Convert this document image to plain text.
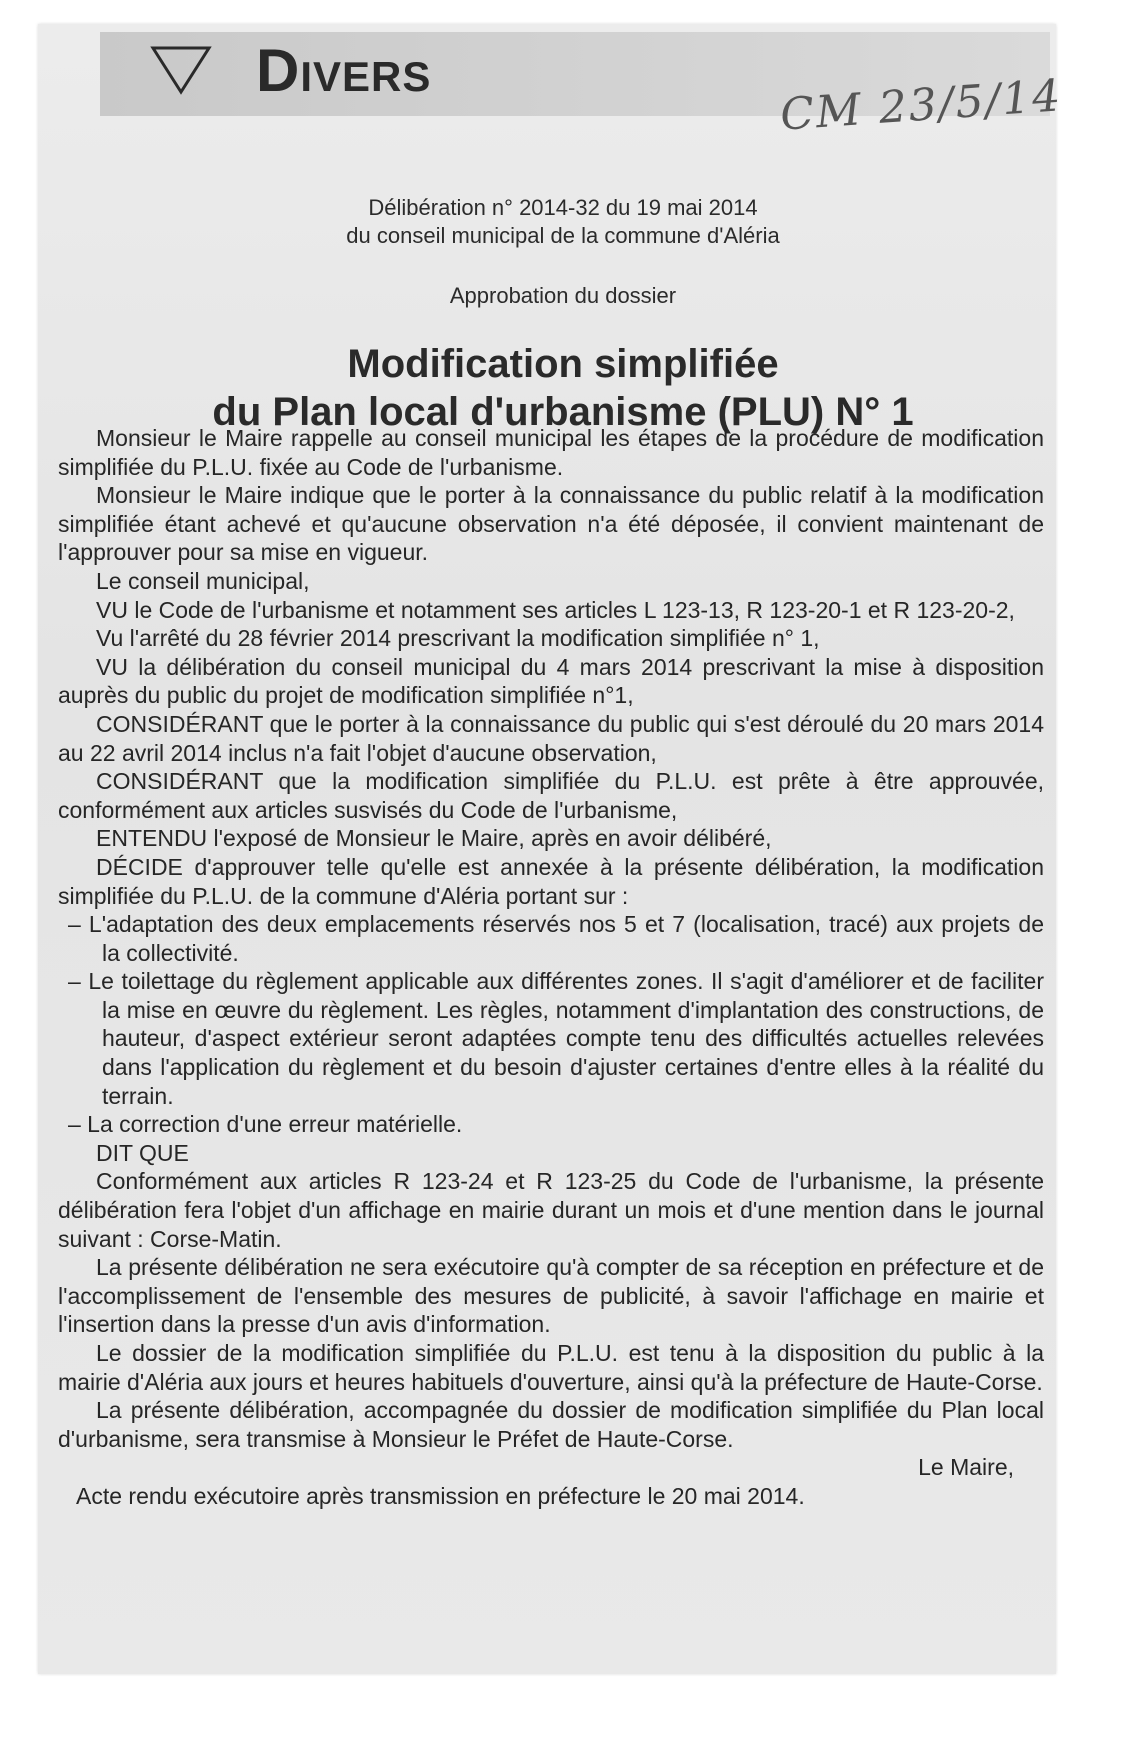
Divers	CM 23/5/14
Délibération n° 2014-32 du 19 mai 2014
du conseil municipal de la commune d'Aléria
Approbation du dossier
Modification simplifiée
du Plan local d'urbanisme (PLU) N° 1

Monsieur le Maire rappelle au conseil municipal les étapes de la procédure de modification simplifiée du P.L.U. fixée au Code de l'urbanisme.

Monsieur le Maire indique que le porter à la connaissance du public relatif à la modification simplifiée étant achevé et qu'aucune observation n'a été déposée, il convient maintenant de l'approuver pour sa mise en vigueur.

Le conseil municipal,

VU le Code de l'urbanisme et notamment ses articles L 123-13, R 123-20-1 et R 123-20-2,

Vu l'arrêté du 28 février 2014 prescrivant la modification simplifiée n° 1,

VU la délibération du conseil municipal du 4 mars 2014 prescrivant la mise à disposition auprès du public du projet de modification simplifiée n°1,

CONSIDÉRANT que le porter à la connaissance du public qui s'est déroulé du 20 mars 2014 au 22 avril 2014 inclus n'a fait l'objet d'aucune observation,

CONSIDÉRANT que la modification simplifiée du P.L.U. est prête à être approuvée, conformément aux articles susvisés du Code de l'urbanisme,

ENTENDU l'exposé de Monsieur le Maire, après en avoir délibéré,

DÉCIDE d'approuver telle qu'elle est annexée à la présente délibération, la modification simplifiée du P.L.U. de la commune d'Aléria portant sur :

– L'adaptation des deux emplacements réservés nos 5 et 7 (localisation, tracé) aux projets de la collectivité.

– Le toilettage du règlement applicable aux différentes zones. Il s'agit d'améliorer et de faciliter la mise en œuvre du règlement. Les règles, notamment d'implantation des constructions, de hauteur, d'aspect extérieur seront adaptées compte tenu des difficultés actuelles relevées dans l'application du règlement et du besoin d'ajuster certaines d'entre elles à la réalité du terrain.

– La correction d'une erreur matérielle.

DIT QUE

Conformément aux articles R 123-24 et R 123-25 du Code de l'urbanisme, la présente délibération fera l'objet d'un affichage en mairie durant un mois et d'une mention dans le journal suivant : Corse-Matin.

La présente délibération ne sera exécutoire qu'à compter de sa réception en préfecture et de l'accomplissement de l'ensemble des mesures de publicité, à savoir l'affichage en mairie et l'insertion dans la presse d'un avis d'information.

Le dossier de la modification simplifiée du P.L.U. est tenu à la disposition du public à la mairie d'Aléria aux jours et heures habituels d'ouverture, ainsi qu'à la préfecture de Haute-Corse.

La présente délibération, accompagnée du dossier de modification simplifiée du Plan local d'urbanisme, sera transmise à Monsieur le Préfet de Haute-Corse.

Le Maire,

Acte rendu exécutoire après transmission en préfecture le 20 mai 2014.
